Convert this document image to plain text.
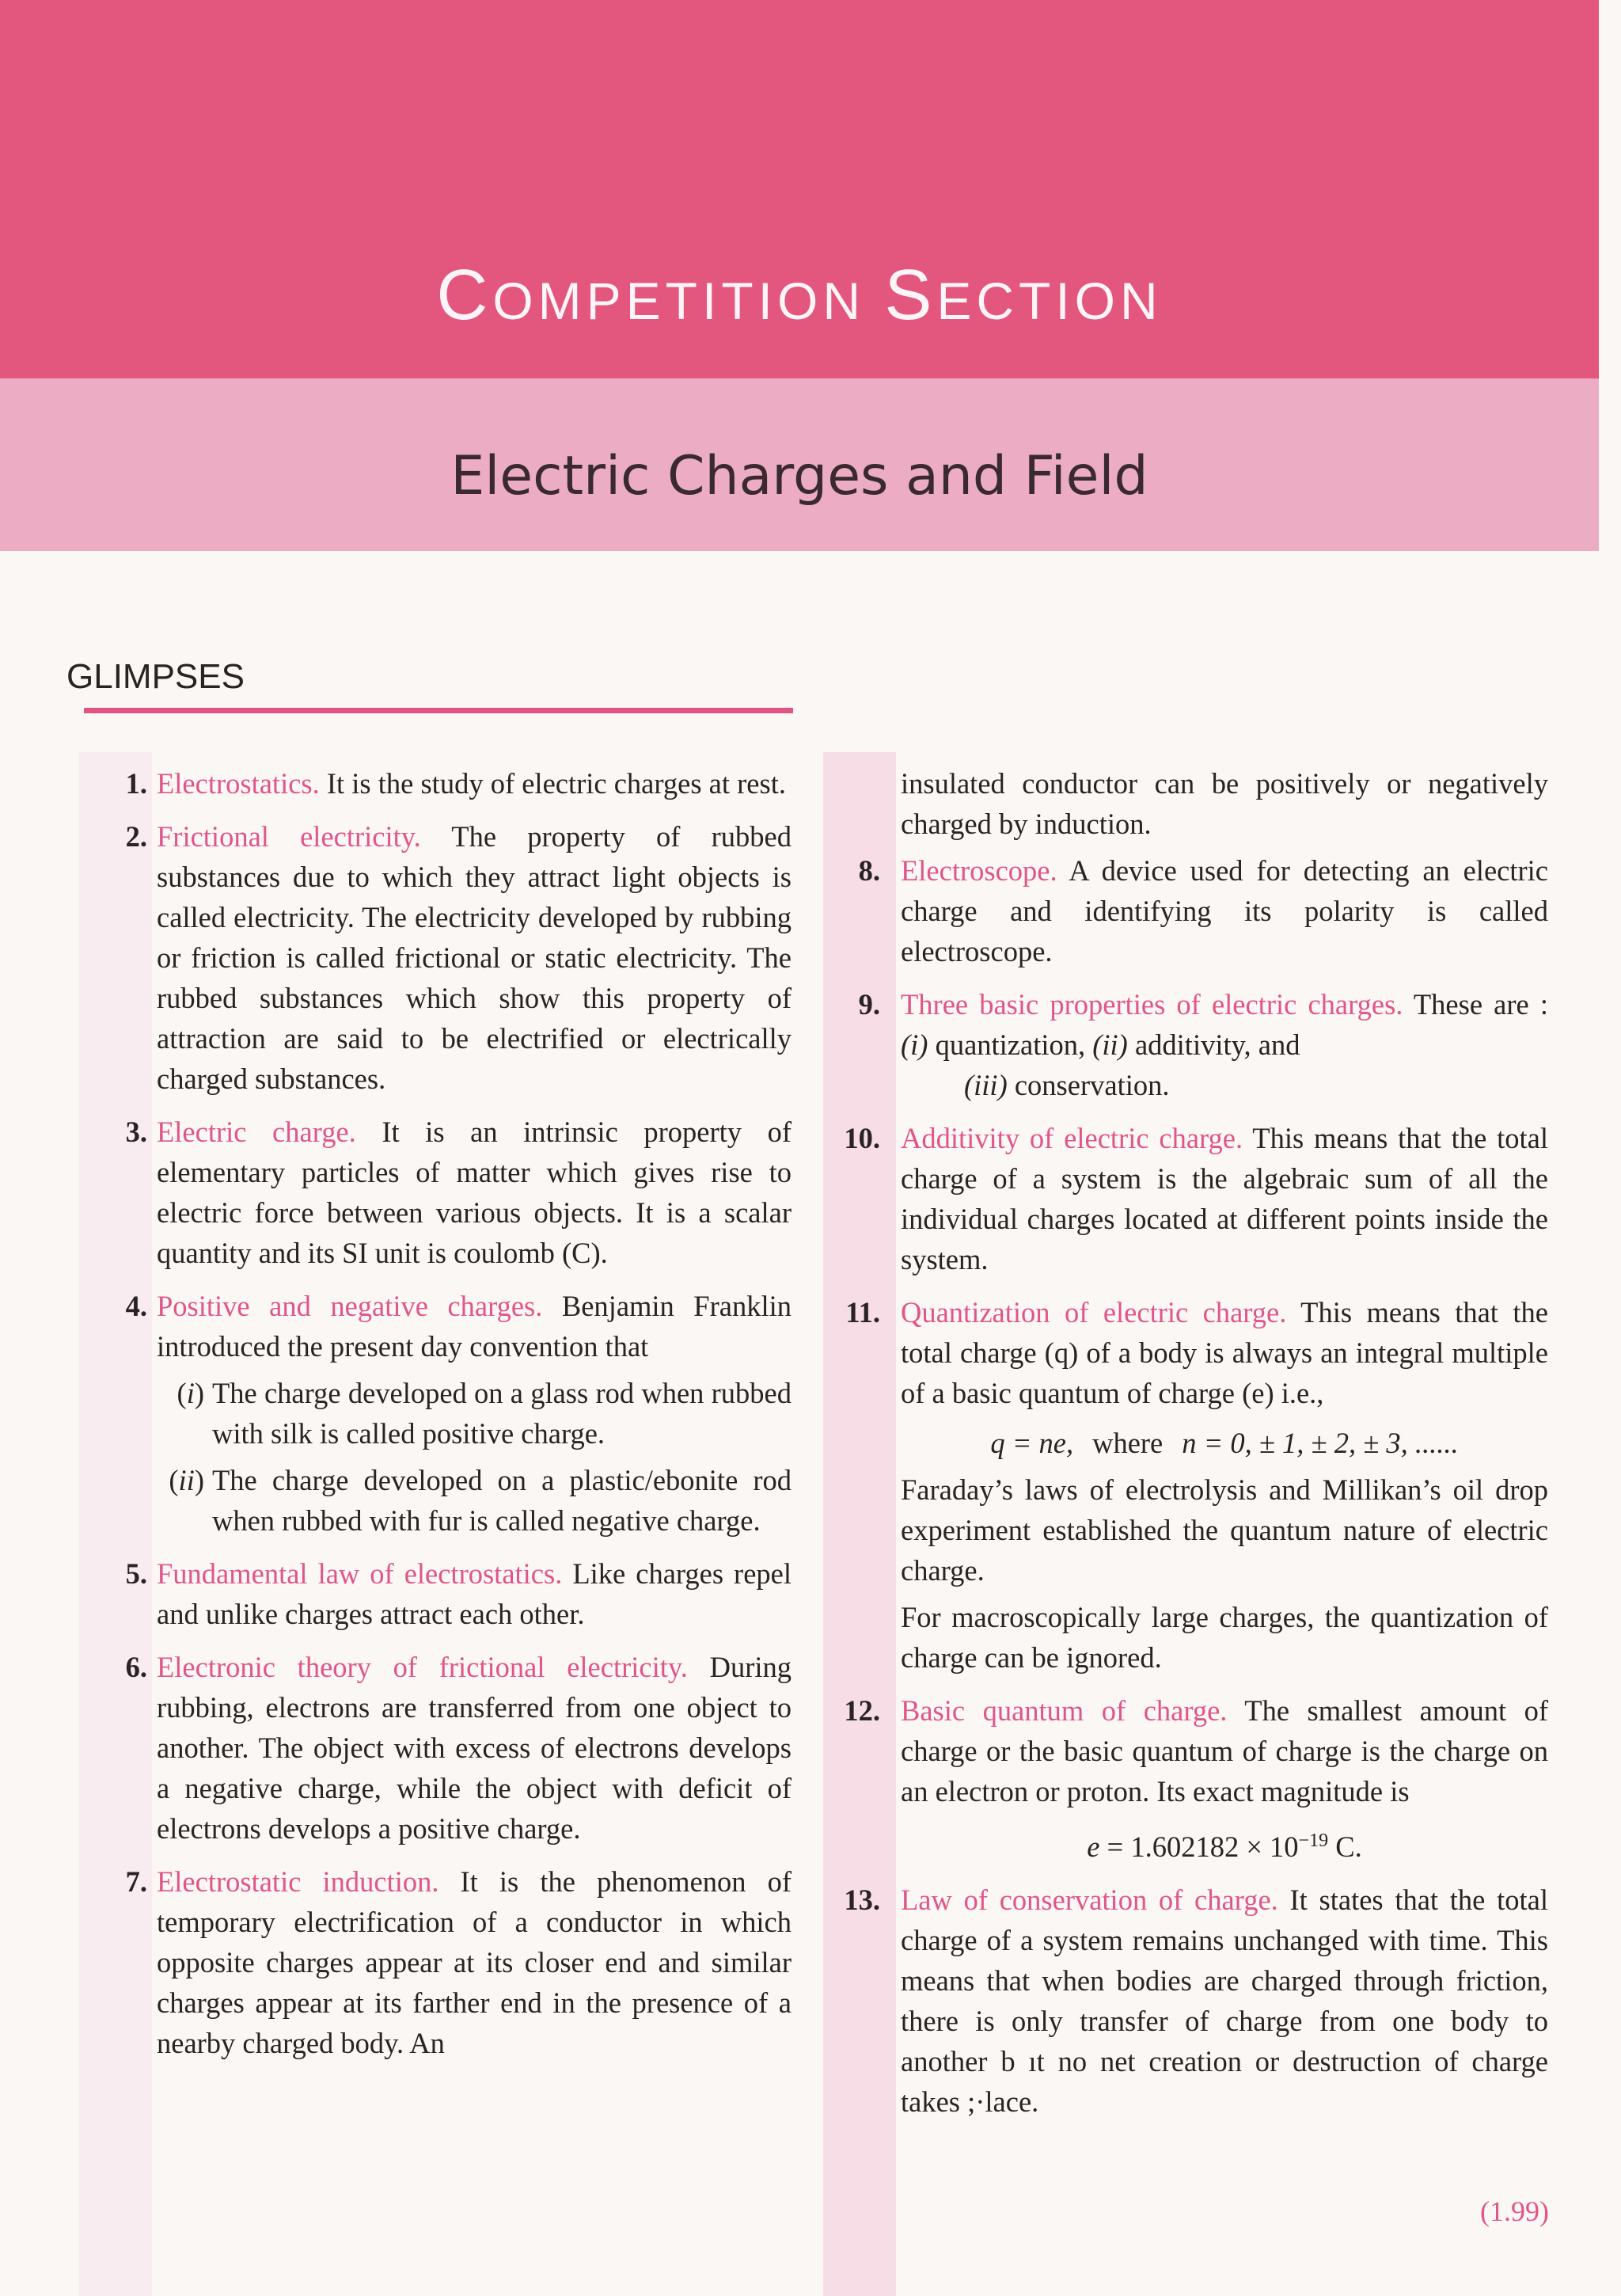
COMPETITION SECTION
Electric Charges and Field
GLIMPSES
1. Electrostatics. It is the study of electric charges at rest.

2. Frictional electricity. The property of rubbed substances due to which they attract light objects is called electricity. The electricity developed by rubbing or friction is called frictional or static electricity. The rubbed substances which show this property of attraction are said to be electrified or electrically charged substances.

3. Electric charge. It is an intrinsic property of elementary particles of matter which gives rise to electric force between various objects. It is a scalar quantity and its SI unit is coulomb (C).

4. Positive and negative charges. Benjamin Franklin introduced the present day convention that

(i) The charge developed on a glass rod when rubbed with silk is called positive charge.
(ii) The charge developed on a plastic/ebonite rod when rubbed with fur is called negative charge.
5. Fundamental law of electrostatics. Like charges repel and unlike charges attract each other.

6. Electronic theory of frictional electricity. During rubbing, electrons are transferred from one object to another. The object with excess of electrons develops a negative charge, while the object with deficit of electrons develops a positive charge.

7. Electrostatic induction. It is the phenomenon of temporary electrification of a conductor in which opposite charges appear at its closer end and similar charges appear at its farther end in the presence of a nearby charged body. An

insulated conductor can be positively or negatively charged by induction.
8. Electroscope. A device used for detecting an electric charge and identifying its polarity is called electroscope.

9. Three basic properties of electric charges. These are : (i) quantization, (ii) additivity, and

(iii) conservation.

10. Additivity of electric charge. This means that the total charge of a system is the algebraic sum of all the individual charges located at different points inside the system.

11. Quantization of electric charge. This means that the total charge (q) of a body is always an integral multiple of a basic quantum of charge (e) i.e.,

q = ne, where n = 0, ± 1, ± 2, ± 3, ......

Faraday’s laws of electrolysis and Millikan’s oil drop experiment established the quantum nature of electric charge.

For macroscopically large charges, the quantization of charge can be ignored.

12. Basic quantum of charge. The smallest amount of charge or the basic quantum of charge is the charge on an electron or proton. Its exact magnitude is

$e = 1.602182 \times 10^{-19}$ C.
13. Law of conservation of charge. It states that the total charge of a system remains unchanged with time. This means that when bodies are charged through friction, there is only transfer of charge from one body to another b ıt no net creation or destruction of charge takes ;·lace.

(1.99)
